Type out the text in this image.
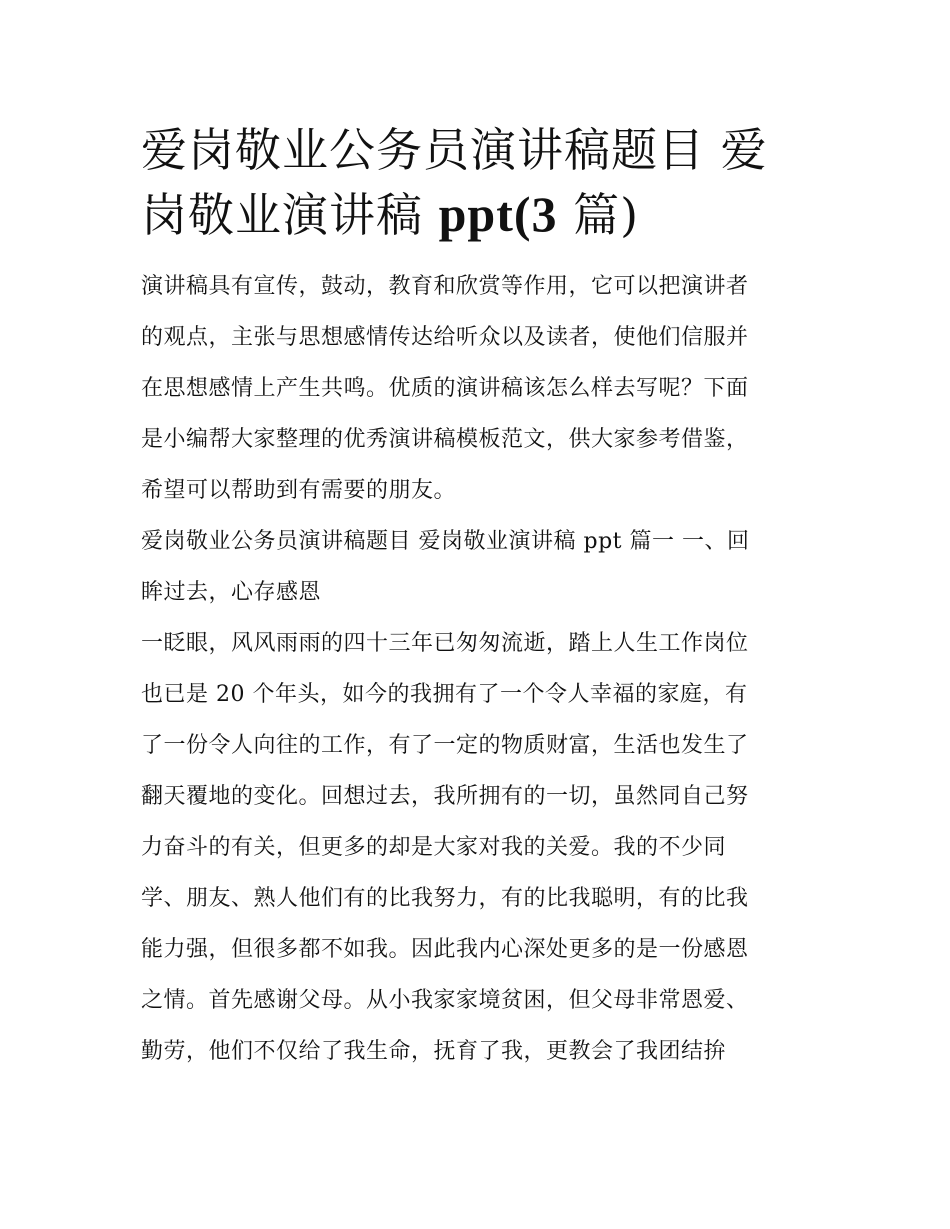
爱岗敬业公务员演讲稿题目 爱
岗敬业演讲稿 ppt(3 篇)
演讲稿具有宣传，鼓动，教育和欣赏等作用，它可以把演讲者
的观点，主张与思想感情传达给听众以及读者，使他们信服并
在思想感情上产生共鸣。优质的演讲稿该怎么样去写呢？下面
是小编帮大家整理的优秀演讲稿模板范文，供大家参考借鉴，
希望可以帮助到有需要的朋友。
爱岗敬业公务员演讲稿题目 爱岗敬业演讲稿 ppt 篇一 一、回
眸过去，心存感恩
一眨眼，风风雨雨的四十三年已匆匆流逝，踏上人生工作岗位
也已是 20 个年头，如今的我拥有了一个令人幸福的家庭，有
了一份令人向往的工作，有了一定的物质财富，生活也发生了
翻天覆地的变化。回想过去，我所拥有的一切，虽然同自己努
力奋斗的有关，但更多的却是大家对我的关爱。我的不少同
学、朋友、熟人他们有的比我努力，有的比我聪明，有的比我
能力强，但很多都不如我。因此我内心深处更多的是一份感恩
之情。首先感谢父母。从小我家家境贫困，但父母非常恩爱、
勤劳，他们不仅给了我生命，抚育了我，更教会了我团结拚
